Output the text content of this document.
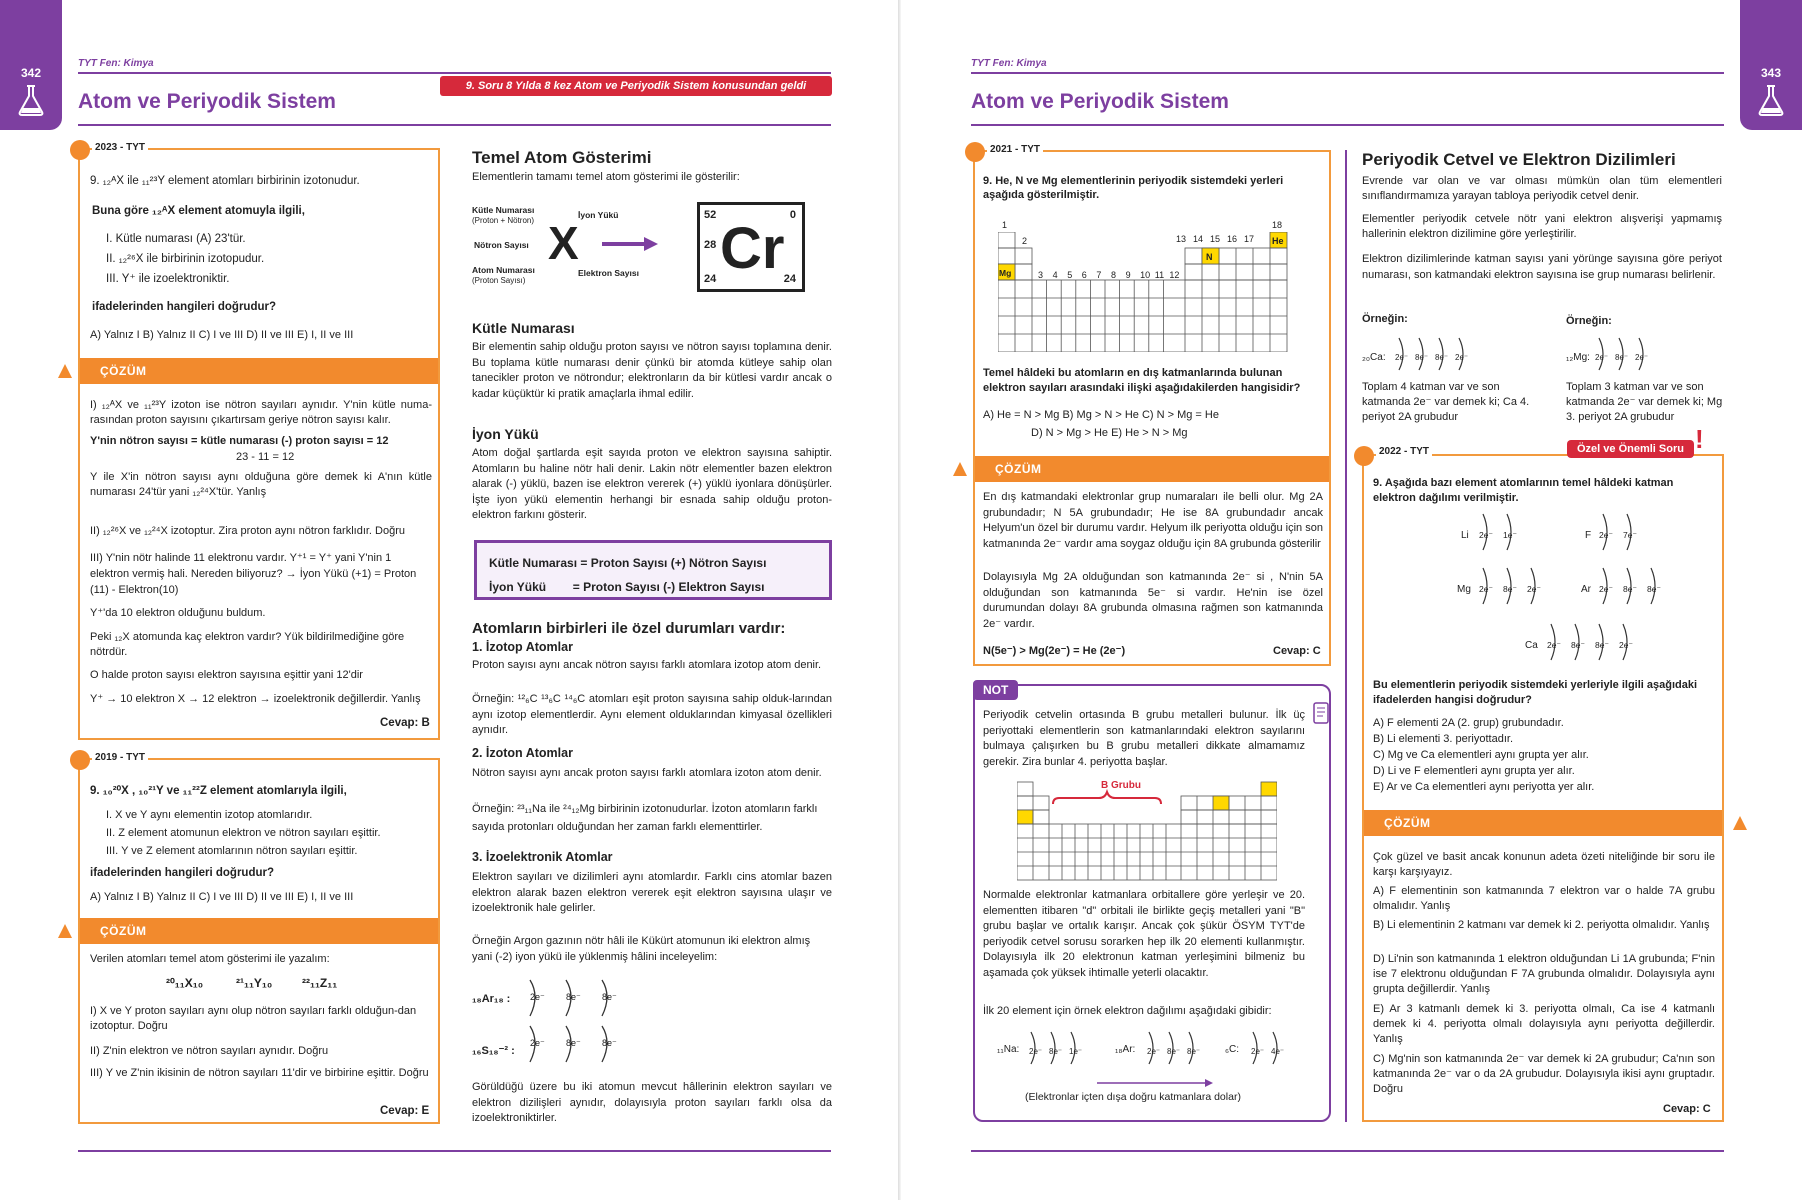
342
TYT Fen: Kimya
9. Soru 8 Yılda 8 kez Atom ve Periyodik Sistem konusundan geldi
Atom ve Periyodik Sistem
2023 - TYT
9. ₁₂ᴬX ile ₁₁²³Y element atomları birbirinin izotonudur.
Buna göre ₁₂ᴬX element atomuyla ilgili,
I. Kütle numarası (A) 23'tür.
II. ₁₂²⁶X ile birbirinin izotopudur.
III. Y⁺ ile izoelektroniktir.
ifadelerinden hangileri doğrudur?
A) Yalnız I B) Yalnız II C) I ve III D) II ve III E) I, II ve III
ÇÖZÜM
I) ₁₂ᴬX ve ₁₁²³Y izoton ise nötron sayıları aynıdır. Y'nin kütle numa-rasından proton sayısını çıkartırsam geriye nötron sayısı kalır.
Y'nin nötron sayısı = kütle numarası (-) proton sayısı = 12
23 - 11 = 12
Y ile X'in nötron sayısı aynı olduğuna göre demek ki A'nın kütle numarası 24'tür yani ₁₂²⁴X'tür. Yanlış
II) ₁₂²⁶X ve ₁₂²⁴X izotoptur. Zira proton aynı nötron farklıdır. Doğru
III) Y'nin nötr halinde 11 elektronu vardır. Y⁺¹ = Y⁺ yani Y'nin 1 elektron vermiş hali. Nereden biliyoruz? → İyon Yükü (+1) = Proton (11) - Elektron(10)
Y⁺'da 10 elektron olduğunu buldum.
Peki ₁₂X atomunda kaç elektron vardır? Yük bildirilmediğine göre nötrdür.
O halde proton sayısı elektron sayısına eşittir yani 12'dir
Y⁺ → 10 elektron X → 12 elektron → izoelektronik değillerdir. Yanlış
Cevap: B
2019 - TYT
9. ₁₀²⁰X , ₁₀²¹Y ve ₁₁²²Z element atomlarıyla ilgili,
I. X ve Y aynı elementin izotop atomlarıdır.
II. Z element atomunun elektron ve nötron sayıları eşittir.
III. Y ve Z element atomlarının nötron sayıları eşittir.
ifadelerinden hangileri doğrudur?
A) Yalnız I B) Yalnız II C) I ve III D) II ve III E) I, II ve III
ÇÖZÜM
Verilen atomları temel atom gösterimi ile yazalım:
²⁰₁₁X₁₀	²¹₁₁Y₁₀ ²²₁₁Z₁₁
I) X ve Y proton sayıları aynı olup nötron sayıları farklı olduğun-dan izotoptur. Doğru
II) Z'nin elektron ve nötron sayıları aynıdır. Doğru
III) Y ve Z'nin ikisinin de nötron sayıları 11'dir ve birbirine eşittir. Doğru
Cevap: E
Temel Atom Gösterimi
Elementlerin tamamı temel atom gösterimi ile gösterilir:
Kütle Numarası
(Proton + Nötron)
Nötron Sayısı
Atom Numarası
(Proton Sayısı)
X
İyon Yükü
Elektron Sayısı
52	0
28
24	24
Cr
Kütle Numarası
Bir elementin sahip olduğu proton sayısı ve nötron sayısı toplamına denir. Bu toplama kütle numarası denir çünkü bir atomda kütleye sahip olan tanecikler proton ve nötrondur; elektronların da bir kütlesi vardır ancak o kadar küçüktür ki pratik amaçlarla ihmal edilir.
İyon Yükü
Atom doğal şartlarda eşit sayıda proton ve elektron sayısına sahiptir. Atomların bu haline nötr hali denir. Lakin nötr elementler bazen elektron alarak (-) yüklü, bazen ise elektron vererek (+) yüklü iyonlara dönüşürler. İşte iyon yükü elementin herhangi bir esnada sahip olduğu proton-elektron farkını gösterir.
Kütle Numarası = Proton Sayısı (+) Nötron Sayısı
İyon Yükü        = Proton Sayısı (-) Elektron Sayısı
Atomların birbirleri ile özel durumları vardır:
1. İzotop Atomlar
Proton sayısı aynı ancak nötron sayısı farklı atomlara izotop atom denir.
Örneğin: ¹²₆C ¹³₆C ¹⁴₆C atomları eşit proton sayısına sahip olduk-larından aynı izotop elementlerdir. Aynı element olduklarından kimyasal özellikleri aynıdır.
2. İzoton Atomlar
Nötron sayısı aynı ancak proton sayısı farklı atomlara izoton atom denir.
Örneğin: ²³₁₁Na ile ²⁴₁₂Mg birbirinin izotonudurlar. İzoton atomların farklı sayıda protonları olduğundan her zaman farklı elementtirler.
3. İzoelektronik Atomlar
Elektron sayıları ve dizilimleri aynı atomlardır. Farklı cins atomlar bazen elektron alarak bazen elektron vererek eşit elektron sayısına ulaşır ve izoelektronik hale gelirler.
Örneğin Argon gazının nötr hâli ile Kükürt atomunun iki elektron almış yani (-2) iyon yükü ile yüklenmiş hâlini inceleyelim:
₁₈Ar₁₈ :
₁₆S₁₈⁻² :
2e⁻ 8e⁻ 8e⁻
2e⁻ 8e⁻ 8e⁻
Görüldüğü üzere bu iki atomun mevcut hâllerinin elektron sayıları ve elektron dizilişleri aynıdır, dolayısıyla proton sayıları farklı olsa da izoelektroniktirler.
343
TYT Fen: Kimya
Atom ve Periyodik Sistem
2021 - TYT
9. He, N ve Mg elementlerinin periyodik sistemdeki yerleri aşağıda gösterilmiştir.
1	18
2	13 14 15 16 17
3	4	5	6	7	8	9	10 11 12
He
N
Mg
Temel hâldeki bu atomların en dış katmanlarında bulunan elektron sayıları arasındaki ilişki aşağıdakilerden hangisidir?
A) He = N > Mg B) Mg > N > He C) N > Mg = He
D) N > Mg > He E) He > N > Mg
ÇÖZÜM
En dış katmandaki elektronlar grup numaraları ile belli olur. Mg 2A grubundadır; N 5A grubundadır; He ise 8A grubundadır ancak Helyum'un özel bir durumu vardır. Helyum ilk periyotta olduğu için son katmanında 2e⁻ vardır ama soygaz olduğu için 8A grubunda gösterilir
Dolayısıyla Mg 2A olduğundan son katmanında 2e⁻ si , N'nin 5A olduğundan son katmanında 5e⁻ si vardır. He'nin ise özel durumundan dolayı 8A grubunda olmasına rağmen son katmanında 2e⁻ vardır.
N(5e⁻) > Mg(2e⁻) = He (2e⁻)	Cevap: C
NOT
Periyodik cetvelin ortasında B grubu metalleri bulunur. İlk üç periyottaki elementlerin son katmanlarındaki elektron sayılarını bulmaya çalışırken bu B grubu metalleri dikkate almamamız gerekir. Zira bunlar 4. periyotta başlar.
B Grubu
Normalde elektronlar katmanlara orbitallere göre yerleşir ve 20. elementten itibaren "d" orbitali ile birlikte geçiş metalleri yani "B" grubu başlar ve ortalık karışır. Ancak çok şükür ÖSYM TYT'de periyodik cetvel sorusu sorarken hep ilk 20 elementi kullanmıştır. Dolayısıyla ilk 20 elektronun katman yerleşimini bilmeniz bu aşamada çok yüksek ihtimalle yeterli olacaktır.
İlk 20 element için örnek elektron dağılımı aşağıdaki gibidir:
₁₁Na:	₁₈Ar:	₆C:
2e⁻ 8e⁻ 1e⁻	2e⁻ 8e⁻ 8e⁻	2e⁻ 4e⁻
(Elektronlar içten dışa doğru katmanlara dolar)
Periyodik Cetvel ve Elektron Dizilimleri
Evrende var olan ve var olması mümkün olan tüm elementleri sınıflandırmamıza yarayan tabloya periyodik cetvel denir.
Elementler periyodik cetvele nötr yani elektron alışverişi yapmamış hallerinin elektron dizilimine göre yerleştirilir.
Elektron dizilimlerinde katman sayısı yani yörünge sayısına göre periyot numarası, son katmandaki elektron sayısına ise grup numarası belirlenir.
Örneğin:	Örneğin:
₂₀Ca:	₁₂Mg:
2e⁻ 8e⁻ 8e⁻ 2e⁻	2e⁻ 8e⁻ 2e⁻
Toplam 4 katman var ve son katmanda 2e⁻ var demek ki; Ca 4. periyot 2A grubudur
Toplam 3 katman var ve son katmanda 2e⁻ var demek ki; Mg 3. periyot 2A grubudur
2022 - TYT	Özel ve Önemli Soru !
9. Aşağıda bazı element atomlarının temel hâldeki katman elektron dağılımı verilmiştir.
Li 2e⁻ 1e⁻	F 2e⁻ 7e⁻
Mg 2e⁻ 8e⁻ 2e⁻	Ar 2e⁻ 8e⁻ 8e⁻
Ca 2e⁻ 8e⁻ 8e⁻ 2e⁻
Bu elementlerin periyodik sistemdeki yerleriyle ilgili aşağıdaki ifadelerden hangisi doğrudur?
A) F elementi 2A (2. grup) grubundadır.
B) Li elementi 3. periyottadır.
C) Mg ve Ca elementleri aynı grupta yer alır.
D) Li ve F elementleri aynı grupta yer alır.
E) Ar ve Ca elementleri aynı periyotta yer alır.
ÇÖZÜM
Çok güzel ve basit ancak konunun adeta özeti niteliğinde bir soru ile karşı karşıyayız.
A) F elementinin son katmanında 7 elektron var o halde 7A grubu olmalıdır. Yanlış
B) Li elementinin 2 katmanı var demek ki 2. periyotta olmalıdır. Yanlış
D) Li'nin son katmanında 1 elektron olduğundan Li 1A grubunda; F'nin ise 7 elektronu olduğundan F 7A grubunda olmalıdır. Dolayısıyla aynı grupta değillerdir. Yanlış
E) Ar 3 katmanlı demek ki 3. periyotta olmalı, Ca ise 4 katmanlı demek ki 4. periyotta olmalı dolayısıyla aynı periyotta değillerdir. Yanlış
C) Mg'nin son katmanında 2e⁻ var demek ki 2A grubudur; Ca'nın son katmanında 2e⁻ var o da 2A grubudur. Dolayısıyla ikisi aynı gruptadır. Doğru
Cevap: C
